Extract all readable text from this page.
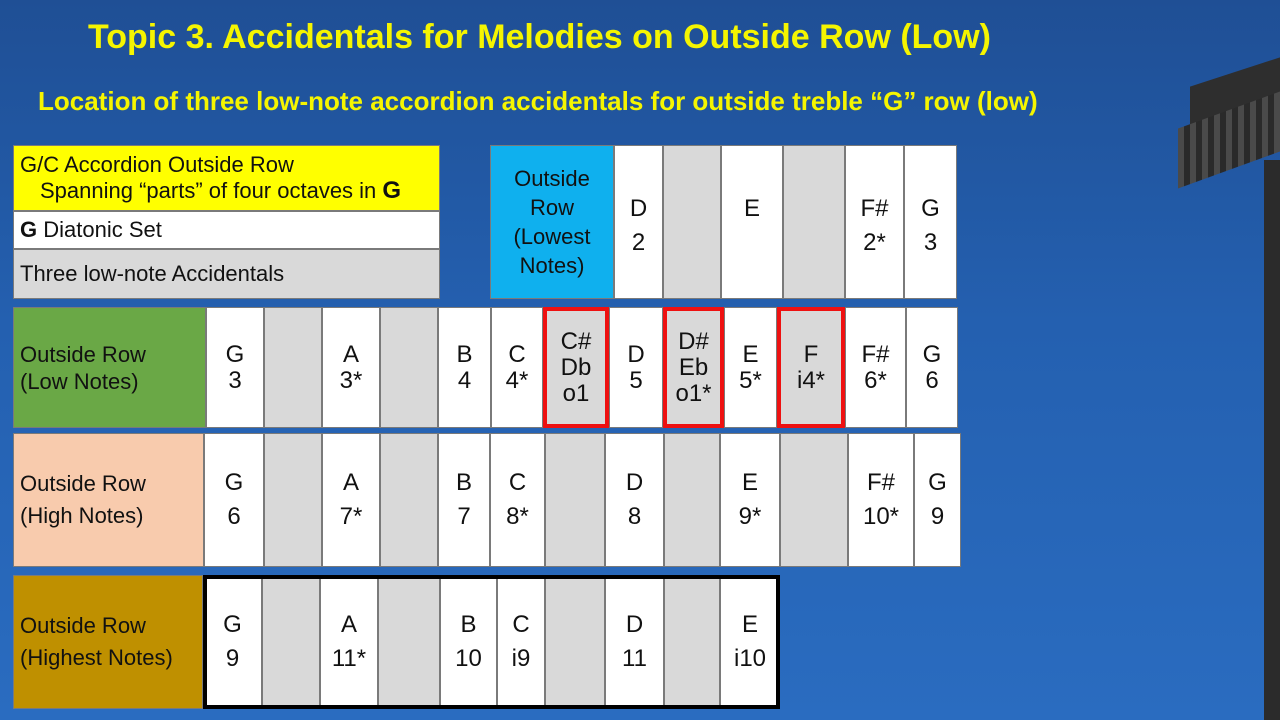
Topic 3. Accidentals for Melodies on Outside Row (Low)
Location of three low-note accordion accidentals for outside treble “G” row (low)
G/C Accordion Outside Row
Spanning “parts” of four octaves in G
G Diatonic Set
Three low-note Accidentals
Outside
Row
(Lowest
Notes)
D
2
E	F#
2*
G
3
Outside Row
(Low Notes)
G
3
A
3*
B
4
C
4*
C#
Db
o1
D
5
D#
Eb
o1*
E
5*
F
i4*
F#
6*
G
6
Outside Row
(High Notes)
G
6
A
7*
B
7
C
8*
D
8
E
9*
F#
10*
G
9
Outside Row
(Highest Notes)
G
9
A
11*
B
10
C
i9
D
11
E
i10
